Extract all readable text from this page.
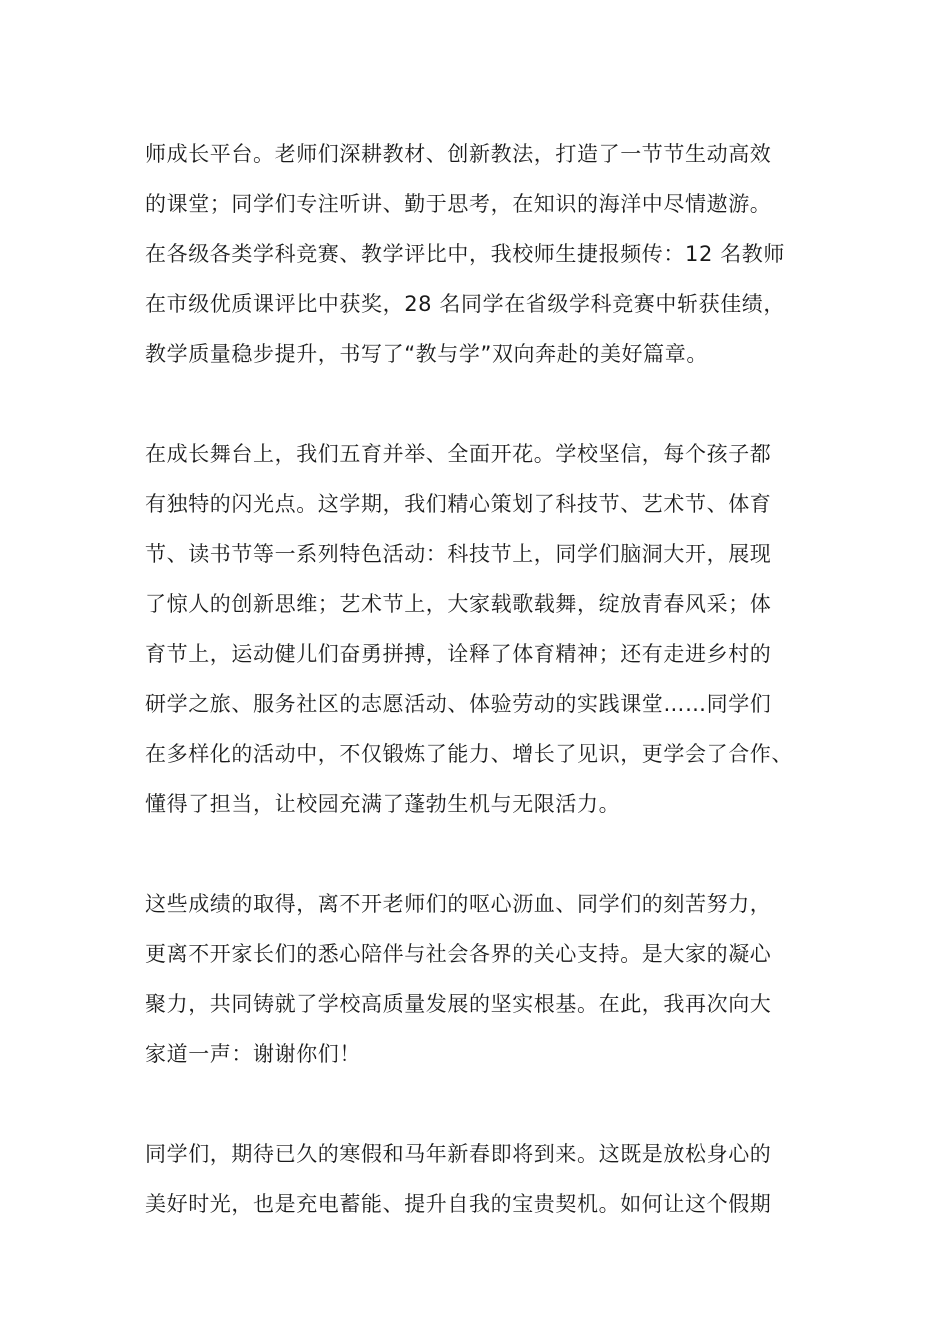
师成长平台。老师们深耕教材、创新教法，打造了一节节生动高效
的课堂；同学们专注听讲、勤于思考，在知识的海洋中尽情遨游。
在各级各类学科竞赛、教学评比中，我校师生捷报频传：12 名教师
在市级优质课评比中获奖，28 名同学在省级学科竞赛中斩获佳绩，
教学质量稳步提升，书写了“教与学”双向奔赴的美好篇章。
在成长舞台上，我们五育并举、全面开花。学校坚信，每个孩子都
有独特的闪光点。这学期，我们精心策划了科技节、艺术节、体育
节、读书节等一系列特色活动：科技节上，同学们脑洞大开，展现
了惊人的创新思维；艺术节上，大家载歌载舞，绽放青春风采；体
育节上，运动健儿们奋勇拼搏，诠释了体育精神；还有走进乡村的
研学之旅、服务社区的志愿活动、体验劳动的实践课堂……同学们
在多样化的活动中，不仅锻炼了能力、增长了见识，更学会了合作、
懂得了担当，让校园充满了蓬勃生机与无限活力。
这些成绩的取得，离不开老师们的呕心沥血、同学们的刻苦努力，
更离不开家长们的悉心陪伴与社会各界的关心支持。是大家的凝心
聚力，共同铸就了学校高质量发展的坚实根基。在此，我再次向大
家道一声：谢谢你们！
同学们，期待已久的寒假和马年新春即将到来。这既是放松身心的
美好时光，也是充电蓄能、提升自我的宝贵契机。如何让这个假期
